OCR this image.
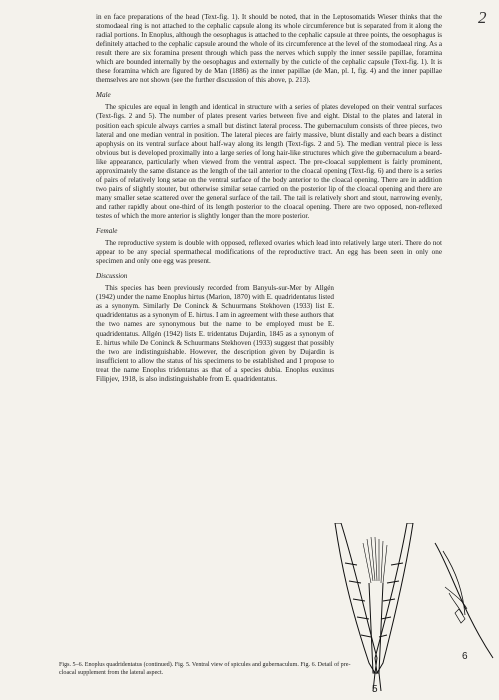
2

in en face preparations of the head (Text-fig. 1). It should be noted, that in the Leptosomatids Wieser thinks that the stomodaeal ring is not attached to the cephalic capsule along its whole circumference but is separated from it along the radial portions. In Enoplus, although the oesophagus is attached to the cephalic capsule at three points, the oesophagus is definitely attached to the cephalic capsule around the whole of its circumference at the level of the stomodaeal ring. As a result there are six foramina present through which pass the nerves which supply the inner sessile papillae, foramina which are bounded internally by the oesophagus and externally by the cuticle of the cephalic capsule (Text-fig. 1). It is these foramina which are figured by de Man (1886) as the inner papillae (de Man, pl. I, fig. 4) and the inner papillae themselves are not shown (see the further discussion of this above, p. 213).

Male

The spicules are equal in length and identical in structure with a series of plates developed on their ventral surfaces (Text-figs. 2 and 5). The number of plates present varies between five and eight. Distal to the plates and lateral in position each spicule always carries a small but distinct lateral process. The gubernaculum consists of three pieces, two lateral and one median ventral in position. The lateral pieces are fairly massive, blunt distally and each bears a distinct apophysis on its ventral surface about half-way along its length (Text-figs. 2 and 5). The median ventral piece is less obvious but is developed proximally into a large series of long hair-like structures which give the gubernaculum a beard-like appearance, particularly when viewed from the ventral aspect. The pre-cloacal supplement is fairly prominent, approximately the same distance as the length of the tail anterior to the cloacal opening (Text-fig. 6) and there is a series of pairs of relatively long setae on the ventral surface of the body anterior to the cloacal opening. There are in addition two pairs of slightly stouter, but otherwise similar setae carried on the posterior lip of the cloacal opening and there are many smaller setae scattered over the general surface of the tail. The tail is relatively short and stout, narrowing evenly, and rather rapidly about one-third of its length posterior to the cloacal opening. There are two opposed, non-reflexed testes of which the more anterior is slightly longer than the more posterior.

Female

The reproductive system is double with opposed, reflexed ovaries which lead into relatively large uteri. There do not appear to be any special spermathecal modifications of the reproductive tract. An egg has been seen in only one specimen and only one egg was present.

Discussion

This species has been previously recorded from Banyuls-sur-Mer by Allgén (1942) under the name Enoplus hirtus (Marion, 1870) with E. quadridentatus listed as a synonym. Similarly De Coninck & Schuurmans Stekhoven (1933) list E. quadridentatus as a synonym of E. hirtus. I am in agreement with these authors that the two names are synonymous but the name to be employed must be E. quadridentatus. Allgén (1942) lists E. tridentatus Dujardin, 1845 as a synonym of E. hirtus while De Coninck & Schuurmans Stekhoven (1933) suggest that possibly the two are indistinguishable. However, the description given by Dujardin is insufficient to allow the status of his specimens to be established and I propose to treat the name Enoplus tridentatus as that of a species dubia. Enoplus euxinus Filipjev, 1918, is also indistinguishable from E. quadridentatus.

6
5
Figs. 5–6. Enoplus quadridentatus (continued). Fig. 5. Ventral view of spicules and gubernaculum. Fig. 6. Detail of pre-cloacal supplement from the lateral aspect.
